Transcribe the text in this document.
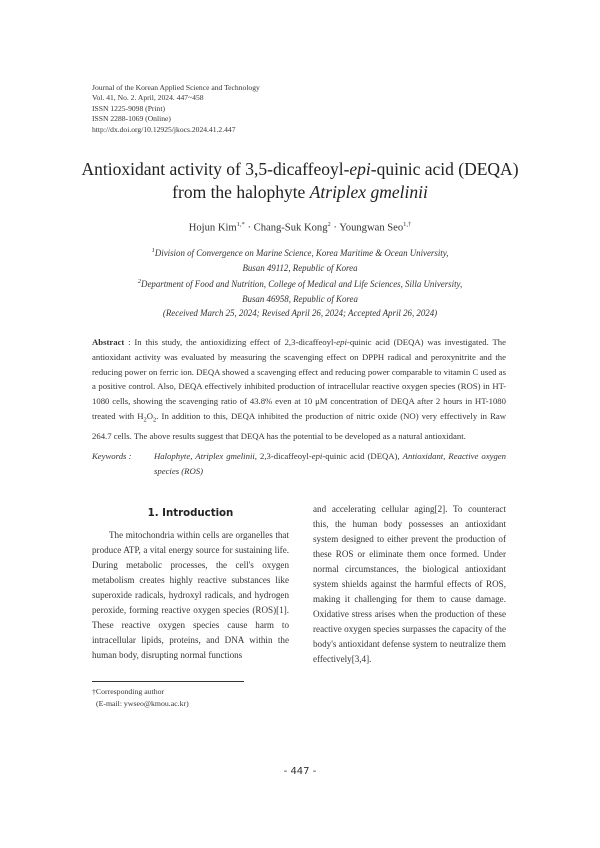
Journal of the Korean Applied Science and Technology
Vol. 41, No. 2. April, 2024. 447~458
ISSN 1225-9098 (Print)
ISSN 2288-1069 (Online)
http://dx.doi.org/10.12925/jkocs.2024.41.2.447
Antioxidant activity of 3,5-dicaffeoyl-epi-quinic acid (DEQA)
from the halophyte Atriplex gmelinii
Hojun Kim$^{1,*}$ · Chang-Suk Kong$^2$ · Youngwan Seo$^{1,\dagger}$
$^1$Division of Convergence on Marine Science, Korea Maritime & Ocean University,
Busan 49112, Republic of Korea
$^2$Department of Food and Nutrition, College of Medical and Life Sciences, Silla University,
Busan 46958, Republic of Korea
(Received March 25, 2024; Revised April 26, 2024; Accepted April 26, 2024)
Abstract : In this study, the antioxidizing effect of 2,3-dicaffeoyl-epi-quinic acid (DEQA) was investigated. The antioxidant activity was evaluated by measuring the scavenging effect on DPPH radical and peroxynitrite and the reducing power on ferric ion. DEQA showed a scavenging effect and reducing power comparable to vitamin C used as a positive control. Also, DEQA effectively inhibited production of intracellular reactive oxygen species (ROS) in HT-1080 cells, showing the scavenging ratio of 43.8% even at 10 μM concentration of DEQA after 2 hours in HT-1080 treated with $H_2O_2$. In addition to this, DEQA inhibited the production of nitric oxide (NO) very effectively in Raw 264.7 cells. The above results suggest that DEQA has the potential to be developed as a natural antioxidant.
Keywords :	Halophyte, Atriplex gmelinii, 2,3-dicaffeoyl-epi-quinic acid (DEQA), Antioxidant, Reactive oxygen species (ROS)
1. Introduction
The mitochondria within cells are organelles that produce ATP, a vital energy source for sustaining life. During metabolic processes, the cell's oxygen metabolism creates highly reactive substances like superoxide radicals, hydroxyl radicals, and hydrogen peroxide, forming reactive oxygen species (ROS)[1]. These reactive oxygen species cause harm to intracellular lipids, proteins, and DNA within the human body, disrupting normal functions
and accelerating cellular aging[2]. To counteract this, the human body possesses an antioxidant system designed to either prevent the production of these ROS or eliminate them once formed. Under normal circumstances, the biological antioxidant system shields against the harmful effects of ROS, making it challenging for them to cause damage. Oxidative stress arises when the production of these reactive oxygen species surpasses the capacity of the body's antioxidant defense system to neutralize them effectively[3,4].
†Corresponding author
(E-mail: ywseo@kmou.ac.kr)
- 447 -
